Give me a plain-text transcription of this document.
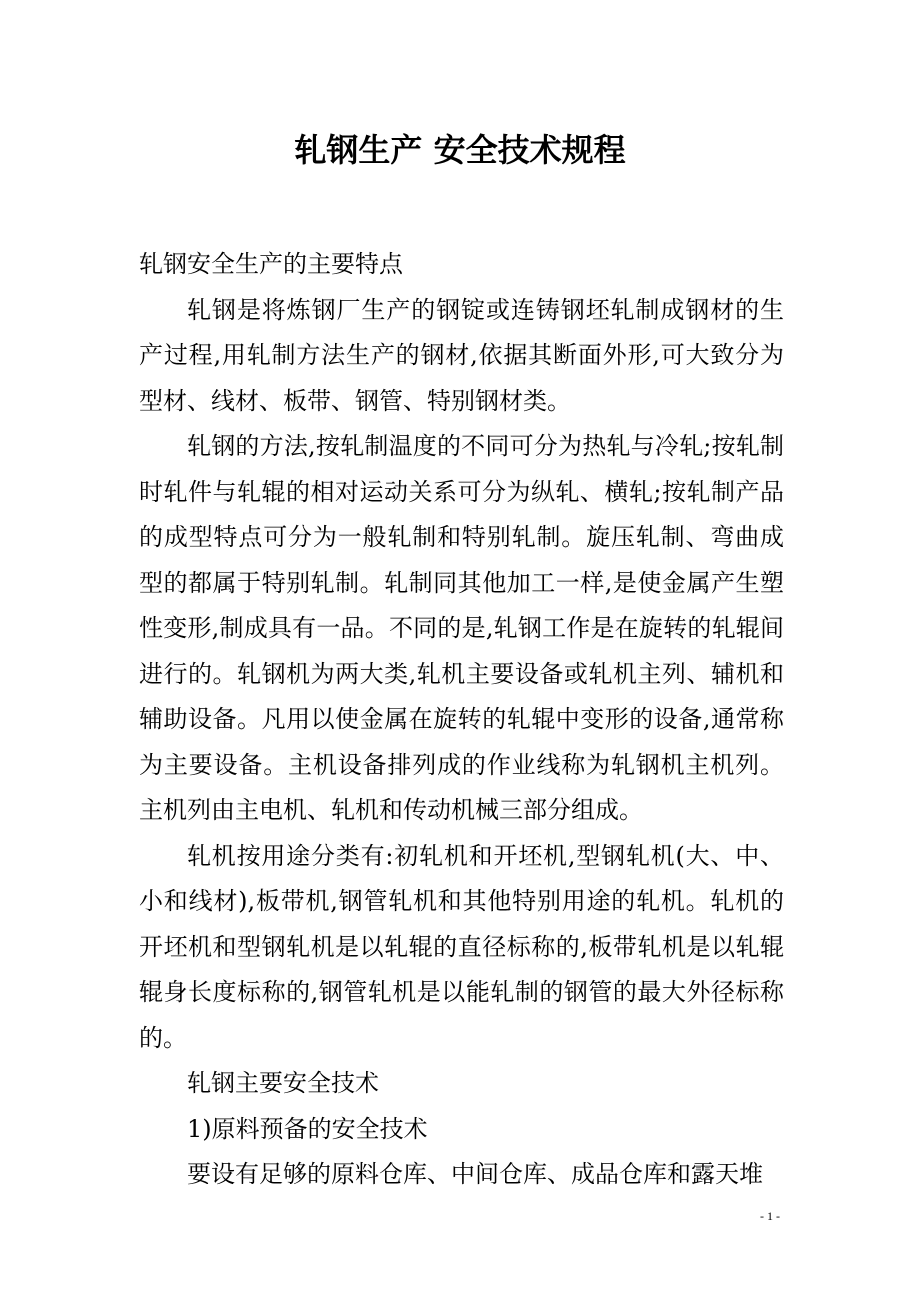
轧钢生产 安全技术规程

轧钢安全生产的主要特点

轧钢是将炼钢厂生产的钢锭或连铸钢坯轧制成钢材的生产过程,用轧制方法生产的钢材,依据其断面外形,可大致分为型材、线材、板带、钢管、特别钢材类。

轧钢的方法,按轧制温度的不同可分为热轧与冷轧;按轧制时轧件与轧辊的相对运动关系可分为纵轧、横轧;按轧制产品的成型特点可分为一般轧制和特别轧制。旋压轧制、弯曲成型的都属于特别轧制。轧制同其他加工一样,是使金属产生塑性变形,制成具有一品。不同的是,轧钢工作是在旋转的轧辊间进行的。轧钢机为两大类,轧机主要设备或轧机主列、辅机和辅助设备。凡用以使金属在旋转的轧辊中变形的设备,通常称为主要设备。主机设备排列成的作业线称为轧钢机主机列。主机列由主电机、轧机和传动机械三部分组成。

轧机按用途分类有:初轧机和开坯机,型钢轧机(大、中、小和线材),板带机,钢管轧机和其他特别用途的轧机。轧机的开坯机和型钢轧机是以轧辊的直径标称的,板带轧机是以轧辊辊身长度标称的,钢管轧机是以能轧制的钢管的最大外径标称的。

轧钢主要安全技术

1)原料预备的安全技术

要设有足够的原料仓库、中间仓库、成品仓库和露天堆

- 1 -
